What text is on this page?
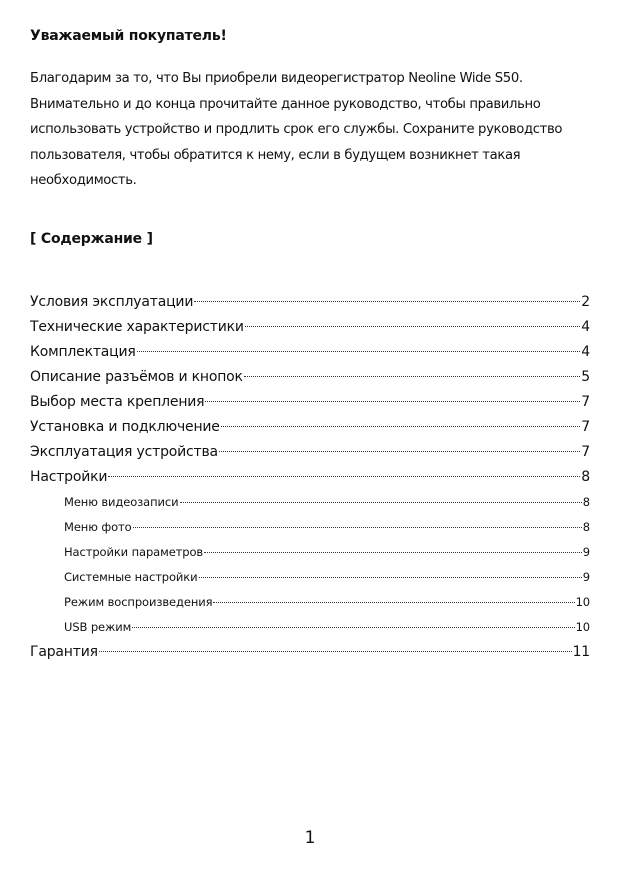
Уважаемый покупатель!
Благодарим за то, что Вы приобрели видеорегистратор Neoline Wide S50.
Внимательно и до конца прочитайте данное руководство, чтобы правильно
использовать устройство и продлить срок его службы. Сохраните руководство
пользователя, чтобы обратится к нему, если в будущем возникнет такая
необходимость.
[ Содержание ]
Условия эксплуатации	2
Технические характеристики	4
Комплектация	4
Описание разъёмов и кнопок	5
Выбор места крепления	7
Установка и подключение	7
Эксплуатация устройства	7
Настройки	8
Меню видеозаписи	8
Меню фото	8
Настройки параметров	9
Системные настройки	9
Режим воспроизведения	10
USB режим	10
Гарантия	11
1
